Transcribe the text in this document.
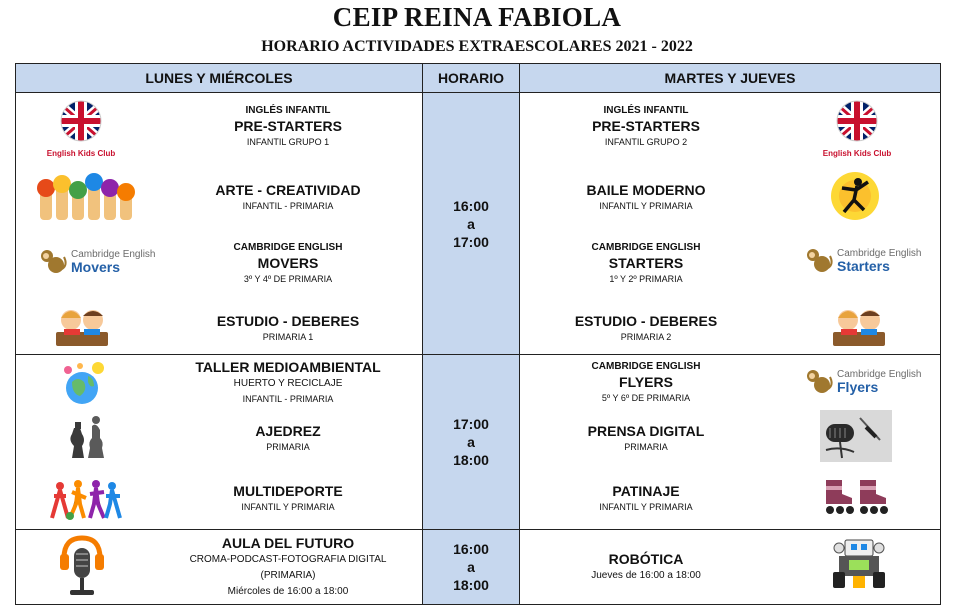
CEIP REINA FABIOLA
HORARIO ACTIVIDADES EXTRAESCOLARES 2021 - 2022
LUNES Y MIÉRCOLES	HORARIO	MARTES Y JUEVES
16:00
a
17:00
17:00
a
18:00
16:00
a
18:00
English Kids Club
INGLÉS INFANTIL
PRE-STARTERS
INFANTIL GRUPO 1
ARTE - CREATIVIDAD
INFANTIL - PRIMARIA
Cambridge English
Movers
CAMBRIDGE ENGLISH
MOVERS
3º Y 4º DE PRIMARIA
ESTUDIO - DEBERES
PRIMARIA 1
TALLER MEDIOAMBIENTAL
HUERTO Y RECICLAJE
INFANTIL - PRIMARIA
AJEDREZ
PRIMARIA
MULTIDEPORTE
INFANTIL Y PRIMARIA
AULA DEL FUTURO
CROMA-PODCAST-FOTOGRAFIA DIGITAL
(PRIMARIA)
Miércoles de 16:00 a 18:00
INGLÉS INFANTIL
PRE-STARTERS
INFANTIL GRUPO 2
English Kids Club
BAILE MODERNO
INFANTIL Y PRIMARIA
CAMBRIDGE ENGLISH
STARTERS
1º Y 2º PRIMARIA
Cambridge English
Starters
ESTUDIO - DEBERES
PRIMARIA 2
CAMBRIDGE ENGLISH
FLYERS
5º Y 6º DE PRIMARIA
Cambridge English
Flyers
PRENSA DIGITAL
PRIMARIA
PATINAJE
INFANTIL Y PRIMARIA
ROBÓTICA
Jueves de 16:00 a 18:00
